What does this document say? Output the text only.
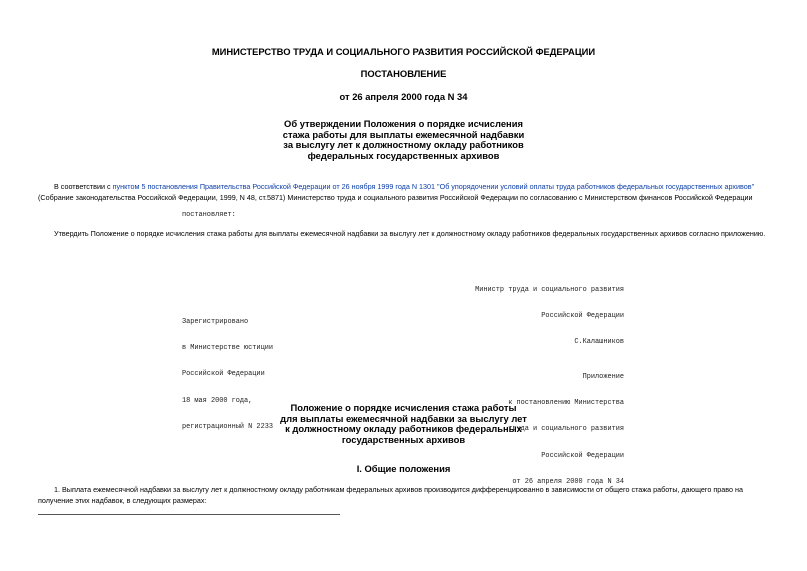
МИНИСТЕРСТВО ТРУДА И СОЦИАЛЬНОГО РАЗВИТИЯ РОССИЙСКОЙ ФЕДЕРАЦИИ
ПОСТАНОВЛЕНИЕ
от 26 апреля 2000 года N 34
Об утверждении Положения о порядке исчисления
стажа работы для выплаты ежемесячной надбавки
за выслугу лет к должностному окладу работников
федеральных государственных архивов
В соответствии с пунктом 5 постановления Правительства Российской Федерации от 26 ноября 1999 года N 1301 "Об упорядочении условий оплаты труда работников федеральных государственных архивов" (Собрание законодательства Российской Федерации, 1999, N 48, ст.5871) Министерство труда и социального развития Российской Федерации по согласованию с Министерством финансов Российской Федерации
постановляет:
Утвердить Положение о порядке исчисления стажа работы для выплаты ежемесячной надбавки за выслугу лет к должностному окладу работников федеральных государственных архивов согласно приложению.

Министр труда и социального развития

Российской Федерации

С.Калашников

Зарегистрировано

в Министерстве юстиции

Российской Федерации

18 мая 2000 года,

регистрационный N 2233

Приложение

к постановлению Министерства

труда и социального развития

Российской Федерации

от 26 апреля 2000 года N 34

Положение о порядке исчисления стажа работы
для выплаты ежемесячной надбавки за выслугу лет
к должностному окладу работников федеральных
государственных архивов
I. Общие положения
1. Выплата ежемесячной надбавки за выслугу лет к должностному окладу работникам федеральных архивов производится дифференцированно в зависимости от общего стажа работы, дающего право на получение этих надбавок, в следующих размерах:
